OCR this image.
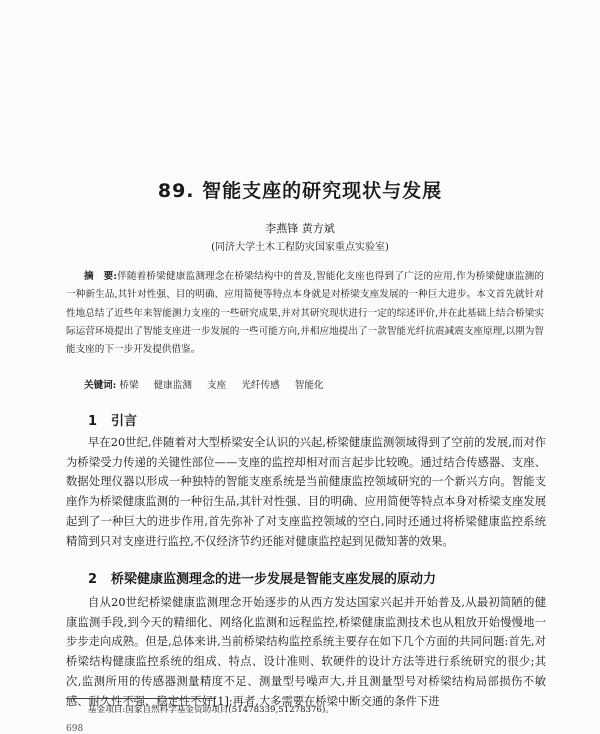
89. 智能支座的研究现状与发展
李燕锋 黄方斌
(同济大学土木工程防灾国家重点实验室)
摘　要:伴随着桥梁健康监测理念在桥梁结构中的普及,智能化支座也得到了广泛的应用,作为桥梁健康监测的一种新生品,其针对性强、目的明确、应用简便等特点本身就是对桥梁支座发展的一种巨大进步。本文首先就针对性地总结了近些年来智能测力支座的一些研究成果,并对其研究现状进行一定的综述评价,并在此基础上结合桥梁实际运营环境提出了智能支座进一步发展的一些可能方向,并相应地提出了一款智能光纤抗震减震支座原理,以期为智能支座的下一步开发提供借鉴。
关键词: 桥梁 健康监测 支座 光纤传感 智能化
1 引言
早在20世纪,伴随着对大型桥梁安全认识的兴起,桥梁健康监测领域得到了空前的发展,而对作为桥梁受力传递的关键性部位——支座的监控却相对而言起步比较晚。通过结合传感器、支座、数据处理仪器以形成一种独特的智能支座系统是当前健康监控领域研究的一个新兴方向。智能支座作为桥梁健康监测的一种衍生品,其针对性强、目的明确、应用简便等特点本身对桥梁支座发展起到了一种巨大的进步作用,首先弥补了对支座监控领域的空白,同时还通过将桥梁健康监控系统精简到只对支座进行监控,不仅经济节约还能对健康监控起到见微知著的效果。
2 桥梁健康监测理念的进一步发展是智能支座发展的原动力
自从20世纪桥梁健康监测理念开始逐步的从西方发达国家兴起并开始普及,从最初简陋的健康监测手段,到今天的精细化、网络化监测和远程监控,桥梁健康监测技术也从粗放开始慢慢地一步步走向成熟。但是,总体来讲,当前桥梁结构监控系统主要存在如下几个方面的共同问题:首先,对桥梁结构健康监控系统的组成、特点、设计准则、软硬件的设计方法等进行系统研究的很少;其次,监测所用的传感器测量精度不足、测量型号噪声大,并且测量型号对桥梁结构局部损伤不敏感、耐久性不强、稳定性不好[1];再者,大多需要在桥梁中断交通的条件下进
基金项目:国家自然科学基金资助项目(51478339,51278376)。
698
